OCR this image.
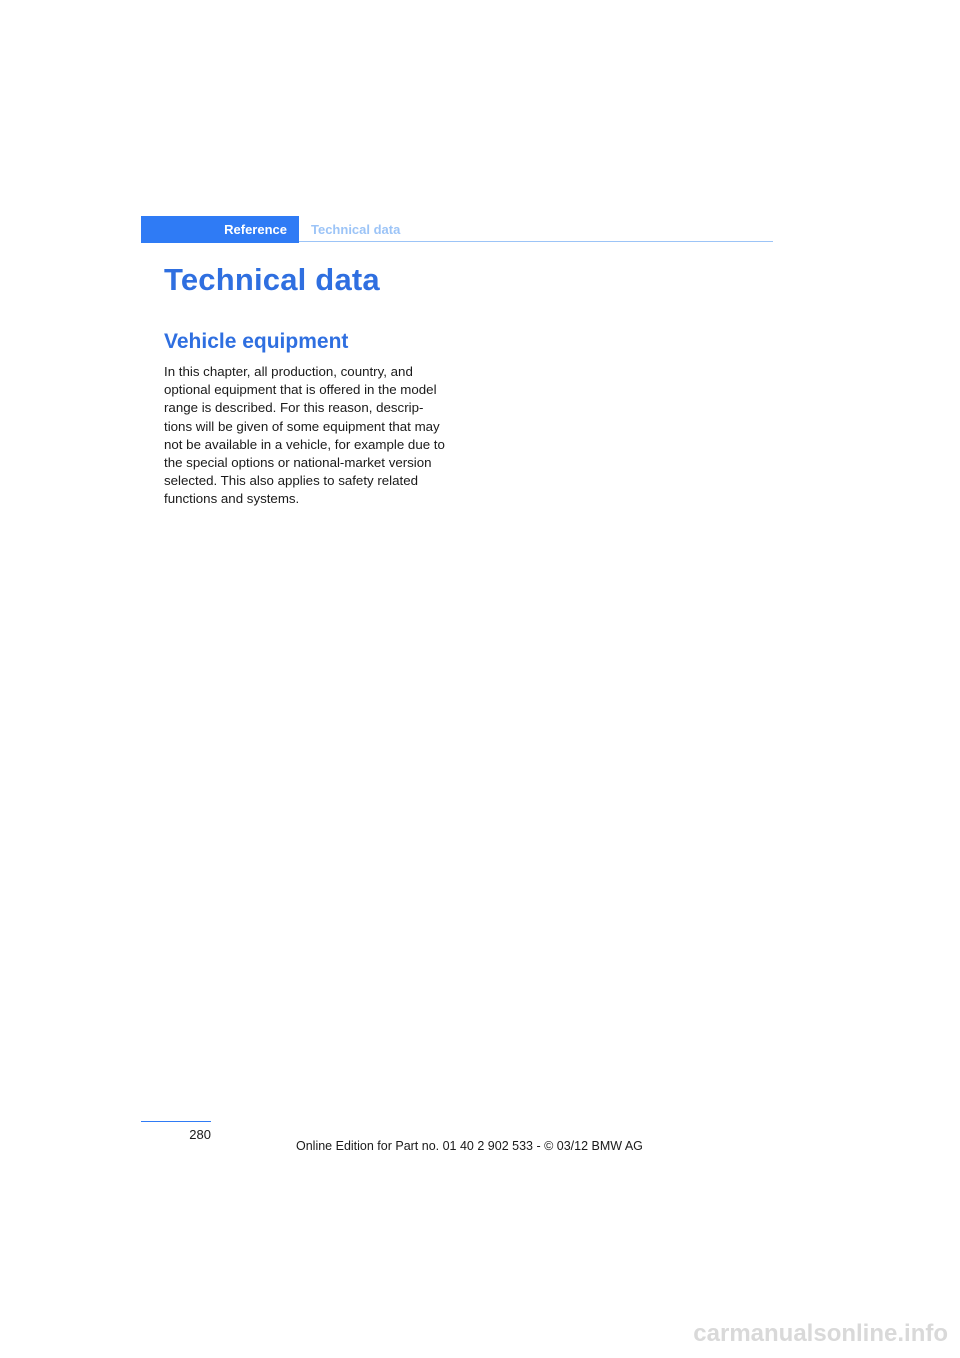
Reference	Technical data
Technical data
Vehicle equipment

In this chapter, all production, country, and
optional equipment that is offered in the model
range is described. For this reason, descrip-
tions will be given of some equipment that may
not be available in a vehicle, for example due to
the special options or national-market version
selected. This also applies to safety related
functions and systems.

280
Online Edition for Part no. 01 40 2 902 533 - © 03/12 BMW AG
carmanualsonline.info
